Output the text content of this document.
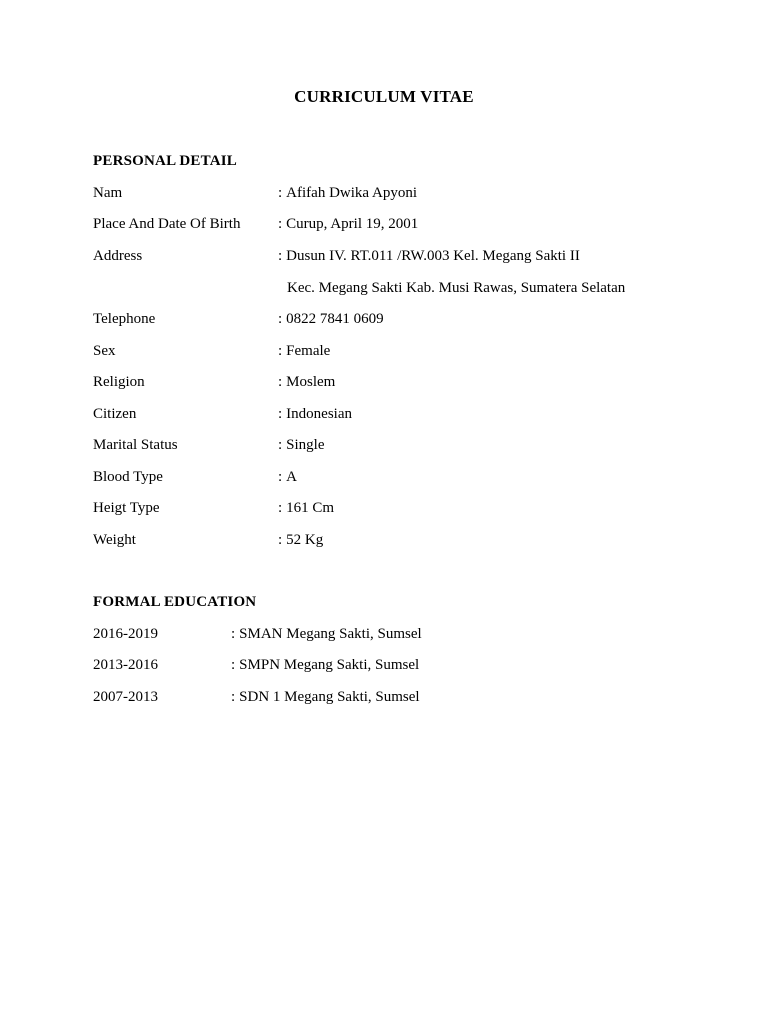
CURRICULUM VITAE
PERSONAL DETAIL
Nam	: Afifah Dwika Apyoni
Place And Date Of Birth	: Curup, April 19, 2001
Address	: Dusun IV. RT.011 /RW.003 Kel. Megang Sakti II
Kec. Megang Sakti Kab. Musi Rawas, Sumatera Selatan
Telephone	: 0822 7841 0609
Sex	: Female
Religion	: Moslem
Citizen	: Indonesian
Marital Status	: Single
Blood Type	: A
Heigt Type	: 161 Cm
Weight	: 52 Kg
FORMAL EDUCATION
2016-2019	: SMAN Megang Sakti, Sumsel
2013-2016	: SMPN Megang Sakti, Sumsel
2007-2013	: SDN 1 Megang Sakti, Sumsel
